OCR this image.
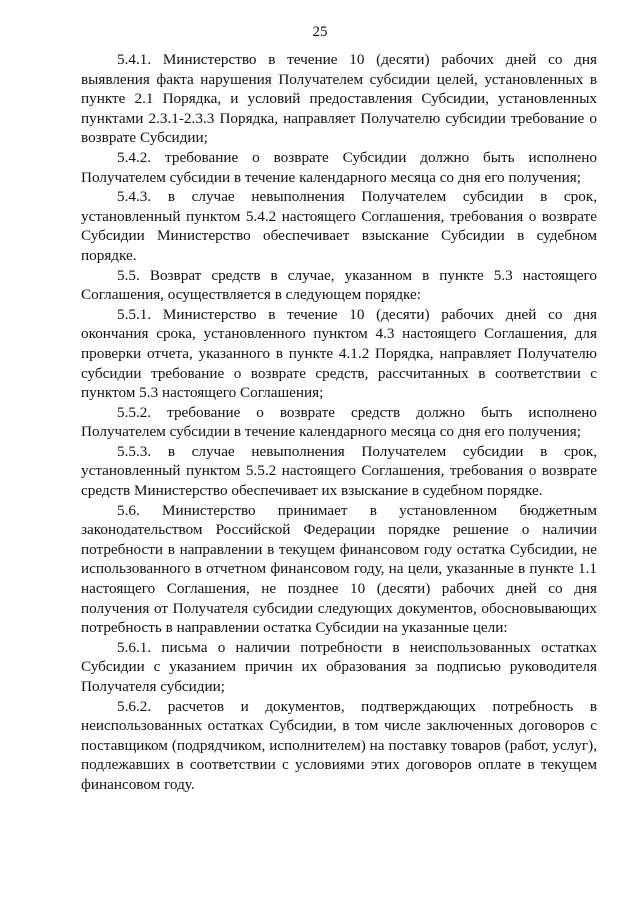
25

5.4.1. Министерство в течение 10 (десяти) рабочих дней со дня выявления факта нарушения Получателем субсидии целей, установленных в пункте 2.1 Порядка, и условий предоставления Субсидии, установленных пунктами 2.3.1-2.3.3 Порядка, направляет Получателю субсидии требование о возврате Субсидии;

5.4.2. требование о возврате Субсидии должно быть исполнено Получателем субсидии в течение календарного месяца со дня его получения;

5.4.3. в случае невыполнения Получателем субсидии в срок, установленный пунктом 5.4.2 настоящего Соглашения, требования о возврате Субсидии Министерство обеспечивает взыскание Субсидии в судебном порядке.

5.5. Возврат средств в случае, указанном в пункте 5.3 настоящего Соглашения, осуществляется в следующем порядке:

5.5.1. Министерство в течение 10 (десяти) рабочих дней со дня окончания срока, установленного пунктом 4.3 настоящего Соглашения, для проверки отчета, указанного в пункте 4.1.2 Порядка, направляет Получателю субсидии требование о возврате средств, рассчитанных в соответствии с пунктом 5.3 настоящего Соглашения;

5.5.2. требование о возврате средств должно быть исполнено Получателем субсидии в течение календарного месяца со дня его получения;

5.5.3. в случае невыполнения Получателем субсидии в срок, установленный пунктом 5.5.2 настоящего Соглашения, требования о возврате средств Министерство обеспечивает их взыскание в судебном порядке.

5.6. Министерство принимает в установленном бюджетным законодательством Российской Федерации порядке решение о наличии потребности в направлении в текущем финансовом году остатка Субсидии, не использованного в отчетном финансовом году, на цели, указанные в пункте 1.1 настоящего Соглашения, не позднее 10 (десяти) рабочих дней со дня получения от Получателя субсидии следующих документов, обосновывающих потребность в направлении остатка Субсидии на указанные цели:

5.6.1. письма о наличии потребности в неиспользованных остатках Субсидии с указанием причин их образования за подписью руководителя Получателя субсидии;

5.6.2. расчетов и документов, подтверждающих потребность в неиспользованных остатках Субсидии, в том числе заключенных договоров с поставщиком (подрядчиком, исполнителем) на поставку товаров (работ, услуг), подлежавших в соответствии с условиями этих договоров оплате в текущем финансовом году.
